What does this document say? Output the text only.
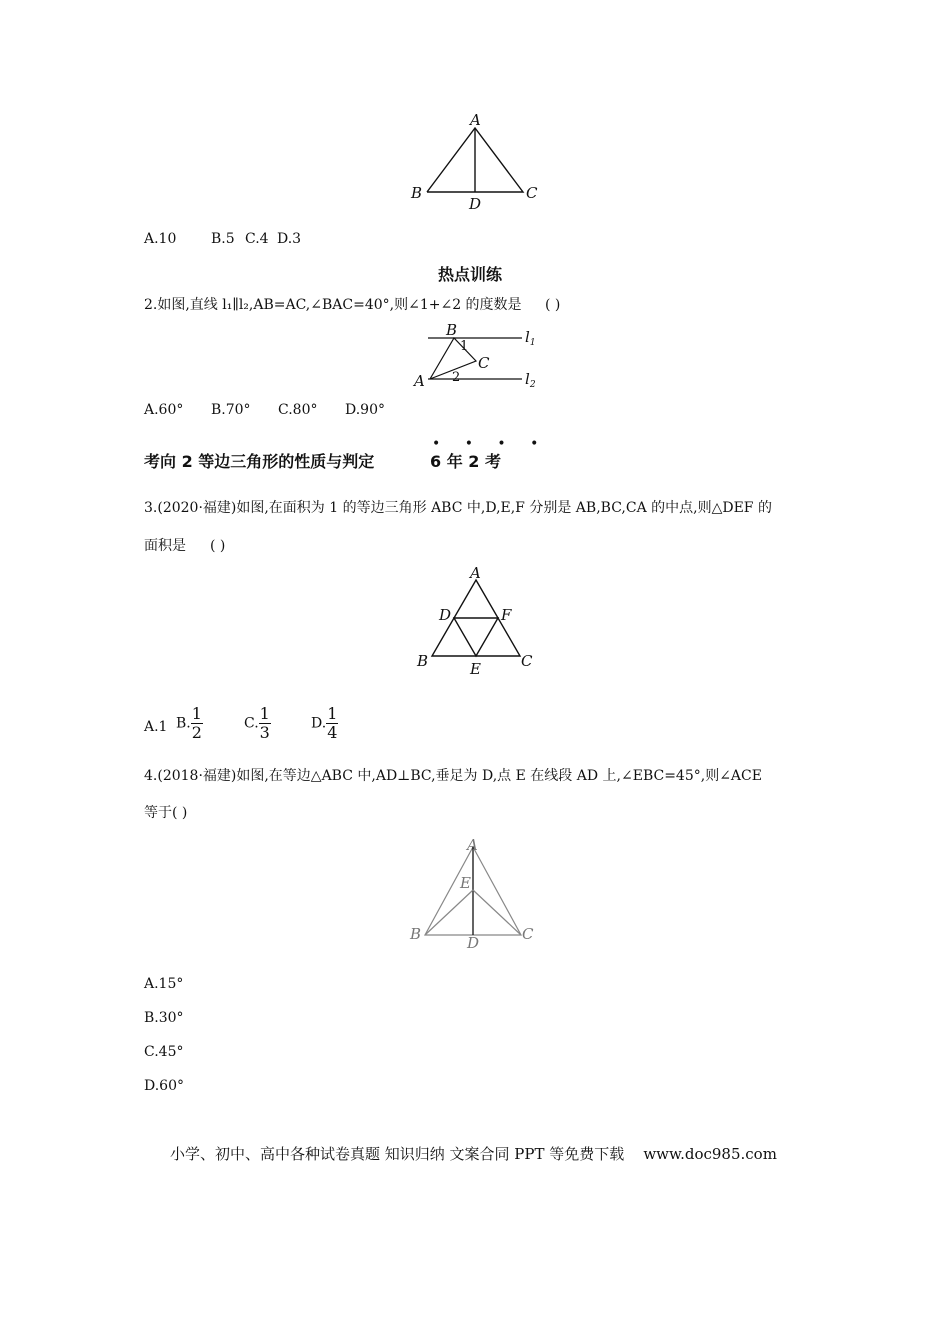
A
B	C
D
A.10 B.5 C.4 D.3
热点训练
2.如图,直线 l₁∥l₂,AB=AC,∠BAC=40°,则∠1+∠2 的度数是 ( )
B
A
C
1
2
$l_1$
$l_2$
A.60° B.70° C.80° D.90°
• • • •
考向 2 等边三角形的性质与判定	6 年 2 考
3.(2020·福建)如图,在面积为 1 的等边三角形 ABC 中,D,E,F 分别是 AB,BC,CA 的中点,则△DEF 的
面积是 ( )
A
D	F
B	C
E
A.1 B. $\frac{1}{2}$	C. $\frac{1}{3}$	D. $\frac{1}{4}$
4.(2018·福建)如图,在等边△ABC 中,AD⊥BC,垂足为 D,点 E 在线段 AD 上,∠EBC=45°,则∠ACE
等于( )
A
E
B	C
D
A.15°
B.30°
C.45°
D.60°
小学、初中、高中各种试卷真题 知识归纳 文案合同 PPT 等免费下载    www.doc985.com
